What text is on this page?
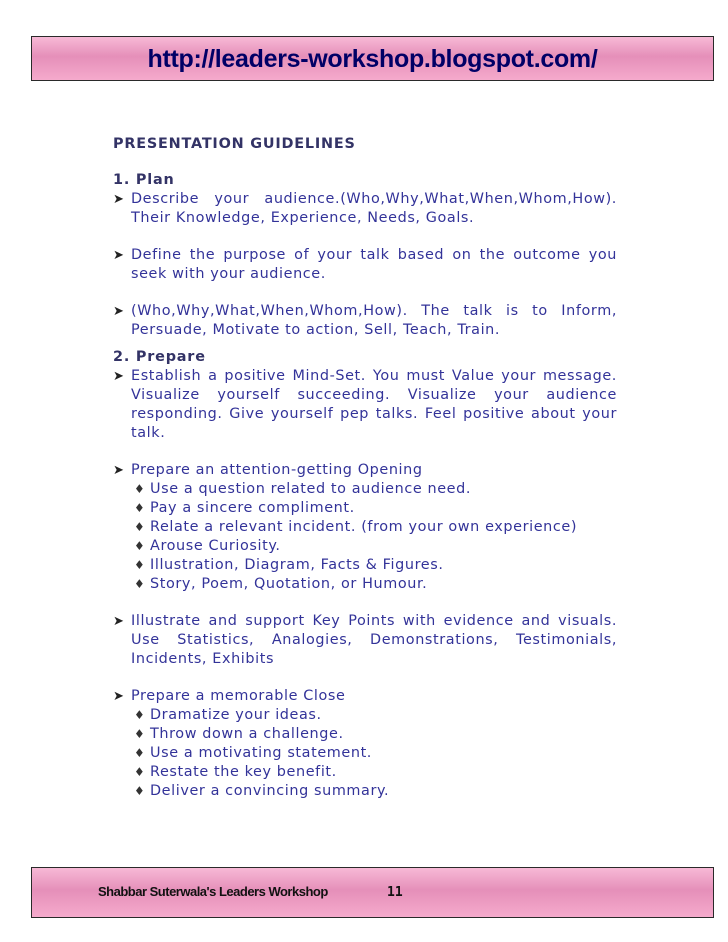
http://leaders-workshop.blogspot.com/
PRESENTATION GUIDELINES
1. Plan
➤ Describe your audience.(Who,Why,What,When,Whom,How). Their Knowledge, Experience, Needs, Goals.
➤ Define the purpose of your talk based on the outcome you seek with your audience.
➤ (Who,Why,What,When,Whom,How). The talk is to Inform, Persuade, Motivate to action, Sell, Teach, Train.
2. Prepare
➤ Establish a positive Mind-Set. You must Value your message. Visualize yourself succeeding. Visualize your audience responding. Give yourself pep talks. Feel positive about your talk.
➤ Prepare an attention-getting Opening
♦ Use a question related to audience need.
♦ Pay a sincere compliment.
♦ Relate a relevant incident. (from your own experience)
♦ Arouse Curiosity.
♦ Illustration, Diagram, Facts & Figures.
♦ Story, Poem, Quotation, or Humour.
➤ Illustrate and support Key Points with evidence and visuals. Use Statistics, Analogies, Demonstrations, Testimonials, Incidents, Exhibits
➤ Prepare a memorable Close
♦ Dramatize your ideas.
♦ Throw down a challenge.
♦ Use a motivating statement.
♦ Restate the key benefit.
♦ Deliver a convincing summary.
Shabbar Suterwala's Leaders Workshop	11
